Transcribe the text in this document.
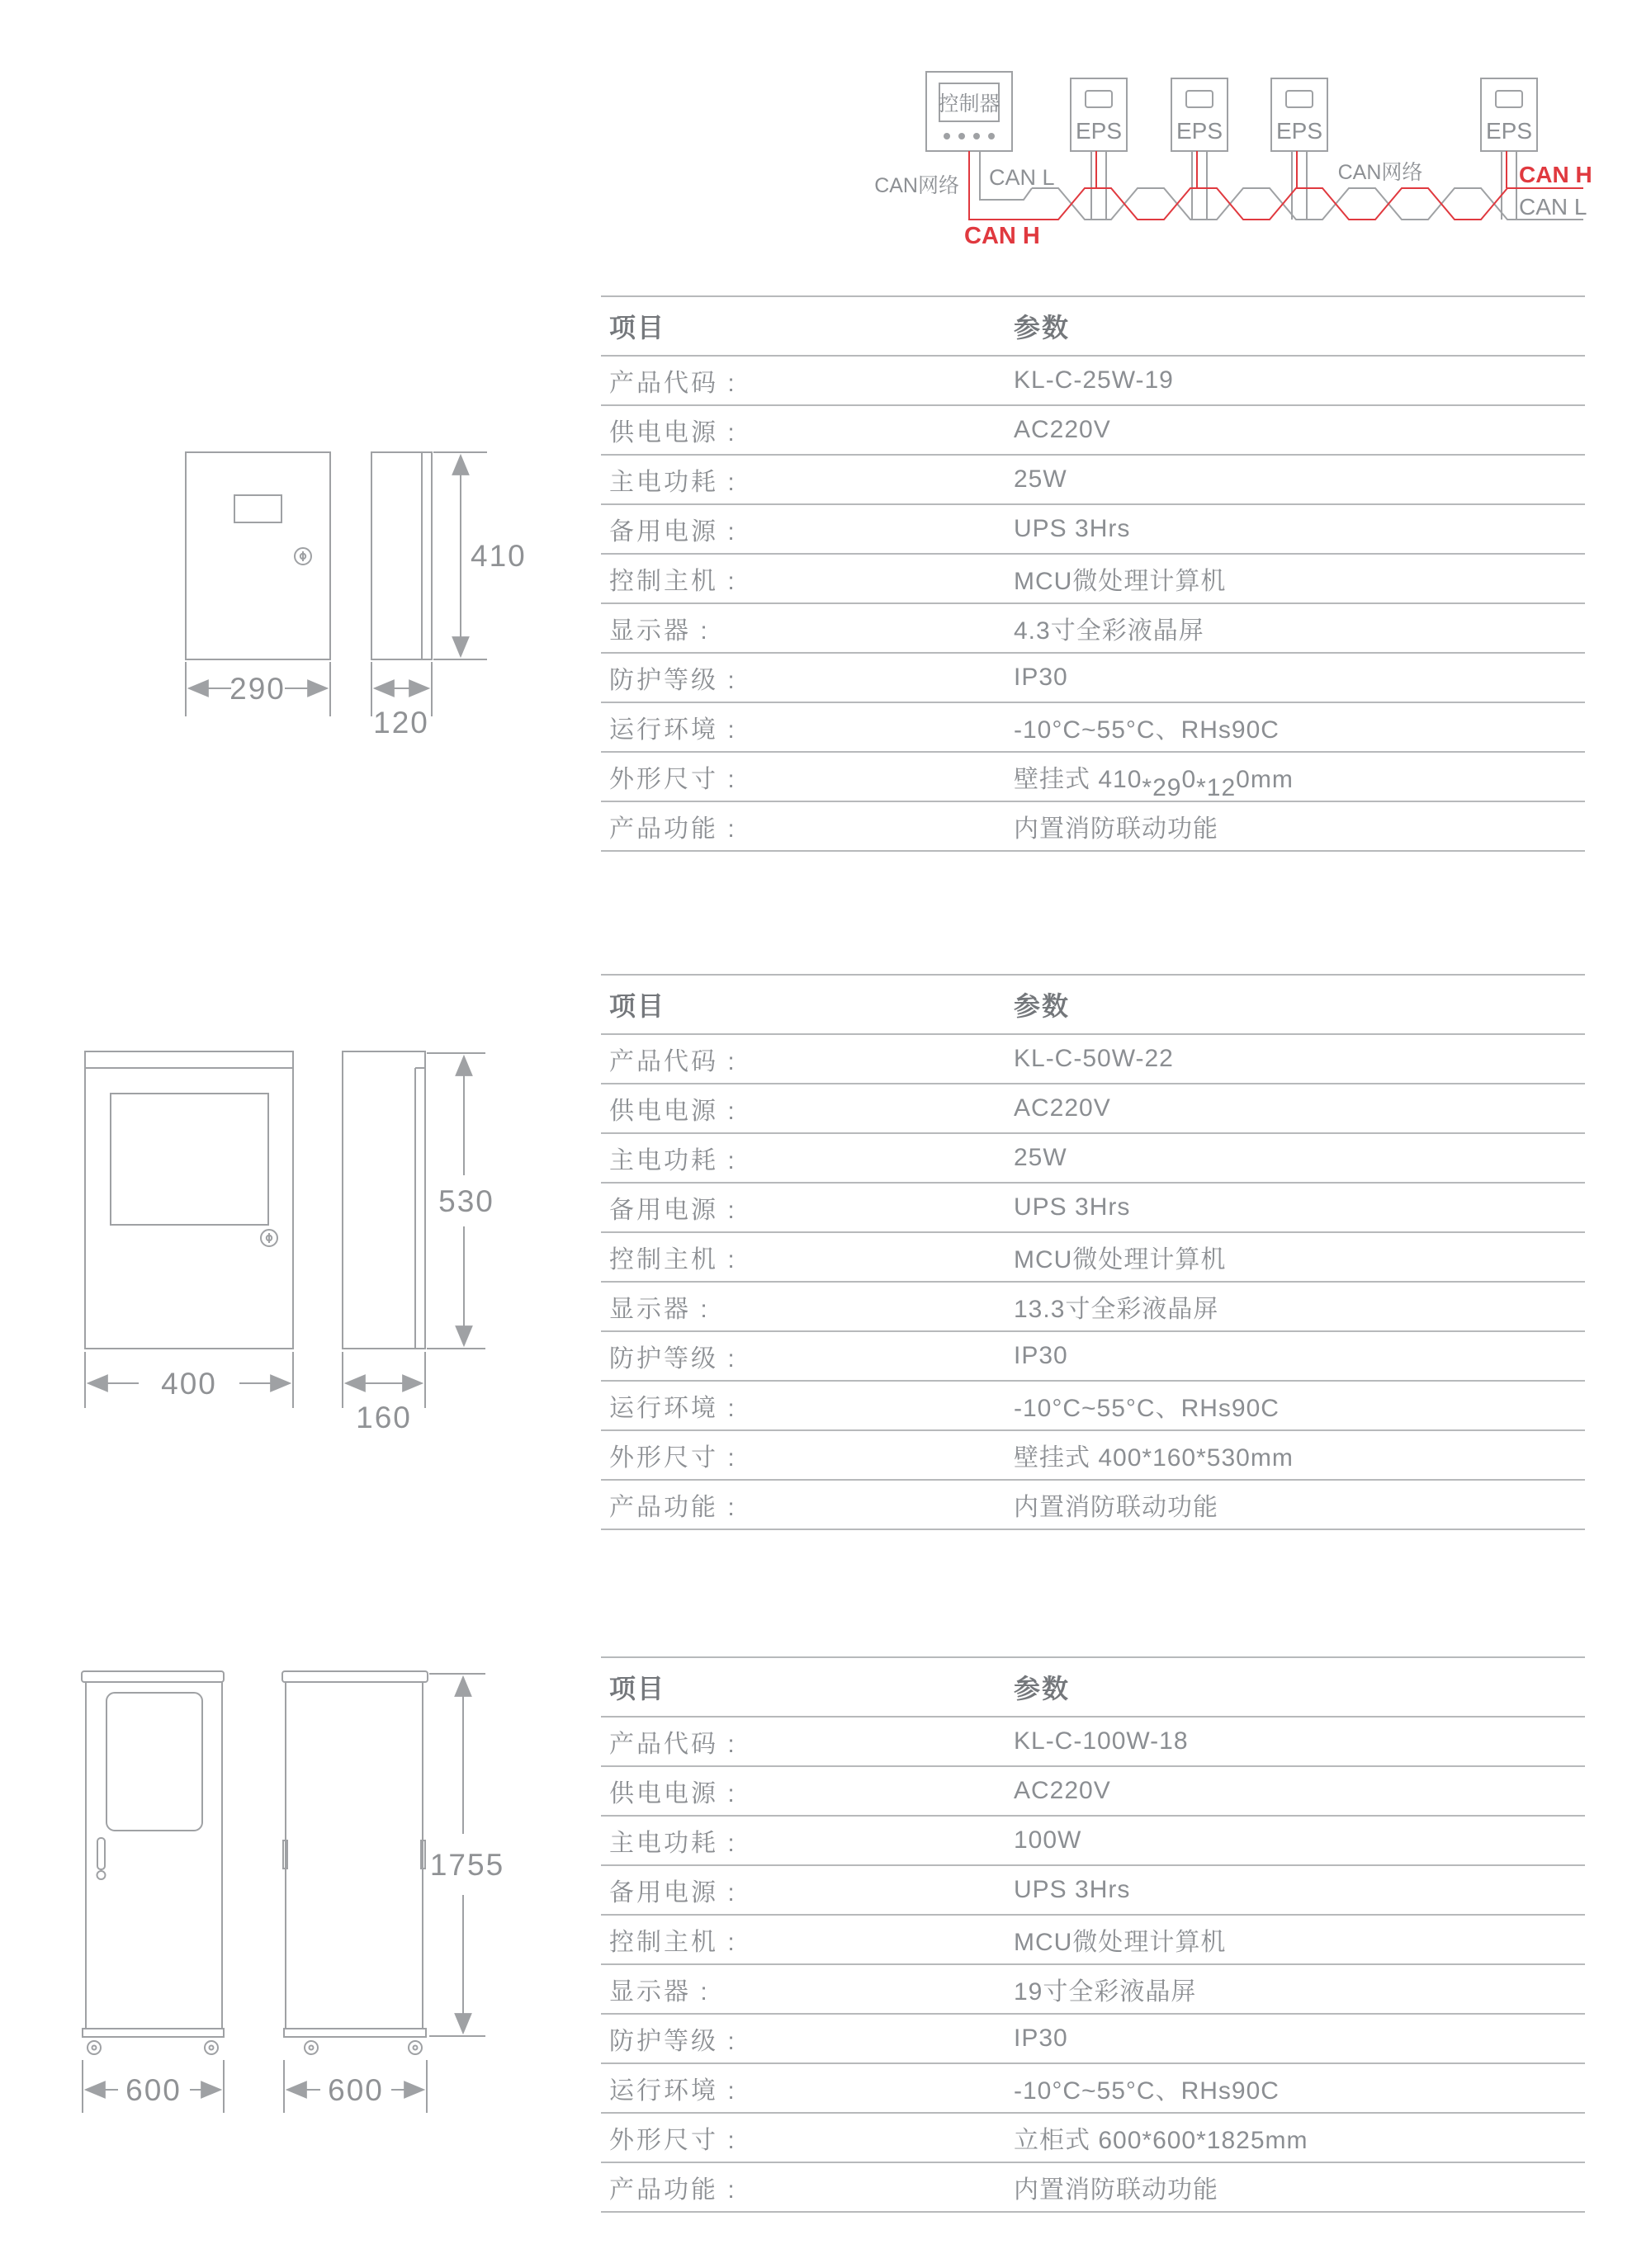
控制器
EPS EPS EPS	EPS
CAN网络 CAN L
CAN H
CAN网络	CAN H
CAN L
290
120
410
400
160
530
600	600
1755
项目	参数
产品代码 :	KL-C-25W-19
供电电源 :	AC220V
主电功耗 :	25W
备用电源 :	UPS 3Hrs
控制主机 :	MCU微处理计算机
显示器 :	4.3寸全彩液晶屏
防护等级 :	IP30
运行环境 :	-10°C~55°C、RHs90C
外形尺寸 :	壁挂式 410*290*120mm
产品功能 :	内置消防联动功能
项目	参数
产品代码 :	KL-C-50W-22
供电电源 :	AC220V
主电功耗 :	25W
备用电源 :	UPS 3Hrs
控制主机 :	MCU微处理计算机
显示器 :	13.3寸全彩液晶屏
防护等级 :	IP30
运行环境 :	-10°C~55°C、RHs90C
外形尺寸 :	壁挂式 400*160*530mm
产品功能 :	内置消防联动功能
项目	参数
产品代码 :	KL-C-100W-18
供电电源 :	AC220V
主电功耗 :	100W
备用电源 :	UPS 3Hrs
控制主机 :	MCU微处理计算机
显示器 :	19寸全彩液晶屏
防护等级 :	IP30
运行环境 :	-10°C~55°C、RHs90C
外形尺寸 :	立柜式 600*600*1825mm
产品功能 :	内置消防联动功能
